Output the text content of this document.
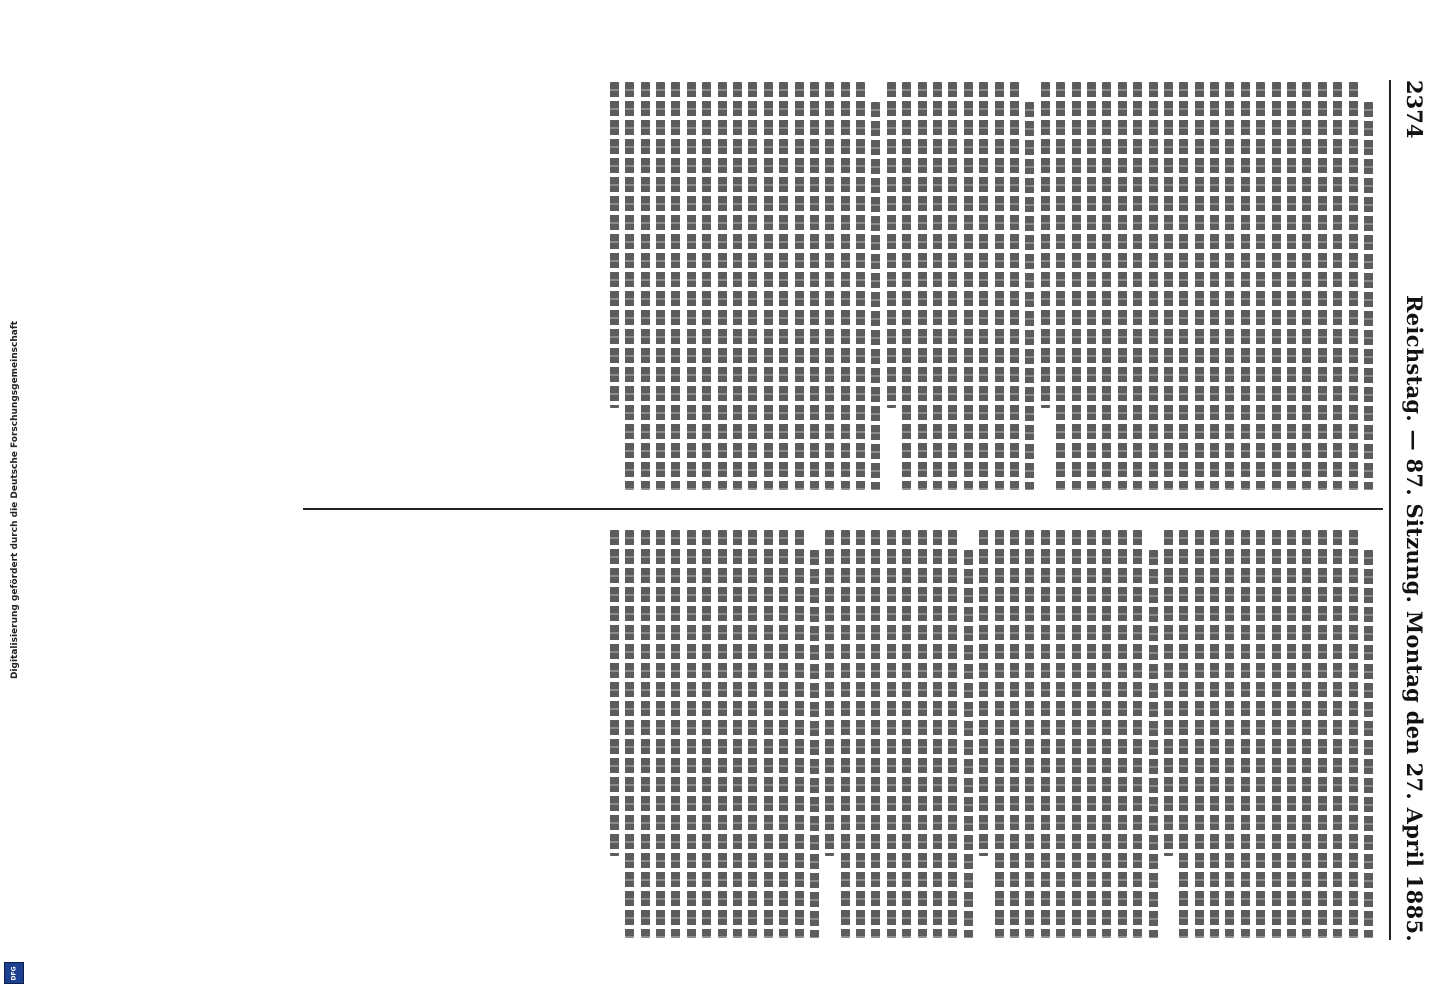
Digitalisierung gefördert durch die Deutsche Forschungsgemeinschaft
DFG
2374
Reichstag. — 87. Sitzung. Montag den 27. April 1885.
